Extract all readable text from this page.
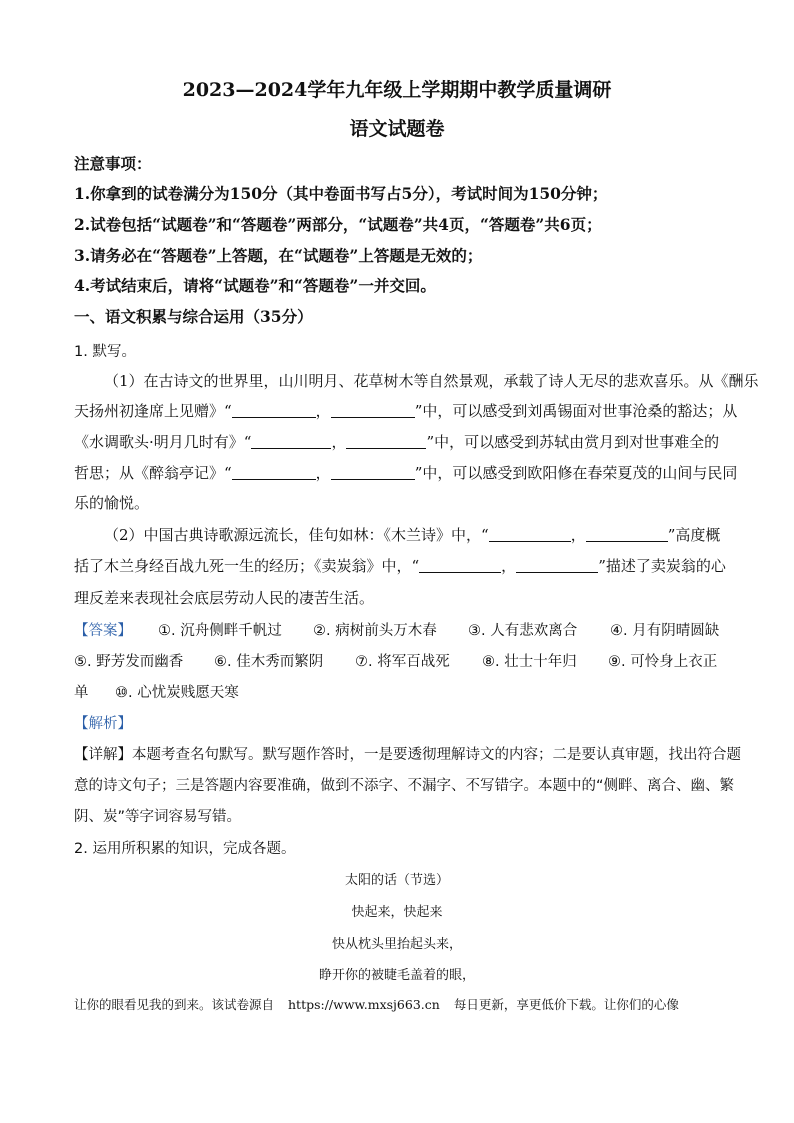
2023—2024学年九年级上学期期中教学质量调研
语文试题卷
注意事项：
1.你拿到的试卷满分为150分（其中卷面书写占5分），考试时间为150分钟；
2.试卷包括“试题卷”和“答题卷”两部分，“试题卷”共4页，“答题卷”共6页；
3.请务必在“答题卷”上答题，在“试题卷”上答题是无效的；
4.考试结束后，请将“试题卷”和“答题卷”一并交回。
一、语文积累与综合运用（35分）
1. 默写。
（1）在古诗文的世界里，山川明月、花草树木等自然景观，承载了诗人无尽的悲欢喜乐。从《酬乐
天扬州初逢席上见赠》“	，	”中，可以感受到刘禹锡面对世事沧桑的豁达；从
《水调歌头·明月几时有》“	，	”中，可以感受到苏轼由赏月到对世事难全的
哲思；从《醉翁亭记》“	，	”中，可以感受到欧阳修在春荣夏茂的山间与民同
乐的愉悦。
（2）中国古典诗歌源远流长，佳句如林：《木兰诗》中，“	，	”高度概
括了木兰身经百战九死一生的经历；《卖炭翁》中，“	，	”描述了卖炭翁的心
理反差来表现社会底层劳动人民的凄苦生活。
【答案】 ①. 沉舟侧畔千帆过 ②. 病树前头万木春 ③. 人有悲欢离合 ④. 月有阴晴圆缺
⑤. 野芳发而幽香 ⑥. 佳木秀而繁阴 ⑦. 将军百战死 ⑧. 壮士十年归 ⑨. 可怜身上衣正
单 ⑩. 心忧炭贱愿天寒
【解析】
【详解】本题考查名句默写。默写题作答时，一是要透彻理解诗文的内容；二是要认真审题，找出符合题
意的诗文句子；三是答题内容要准确，做到不添字、不漏字、不写错字。本题中的“侧畔、离合、幽、繁
阴、炭”等字词容易写错。
2. 运用所积累的知识，完成各题。
太阳的话（节选）
快起来，快起来
快从枕头里抬起头来，
睁开你的被睫毛盖着的眼，
让你的眼看见我的到来。该试卷源自 https://www.mxsj663.cn 每日更新，享更低价下载。让你们的心像
